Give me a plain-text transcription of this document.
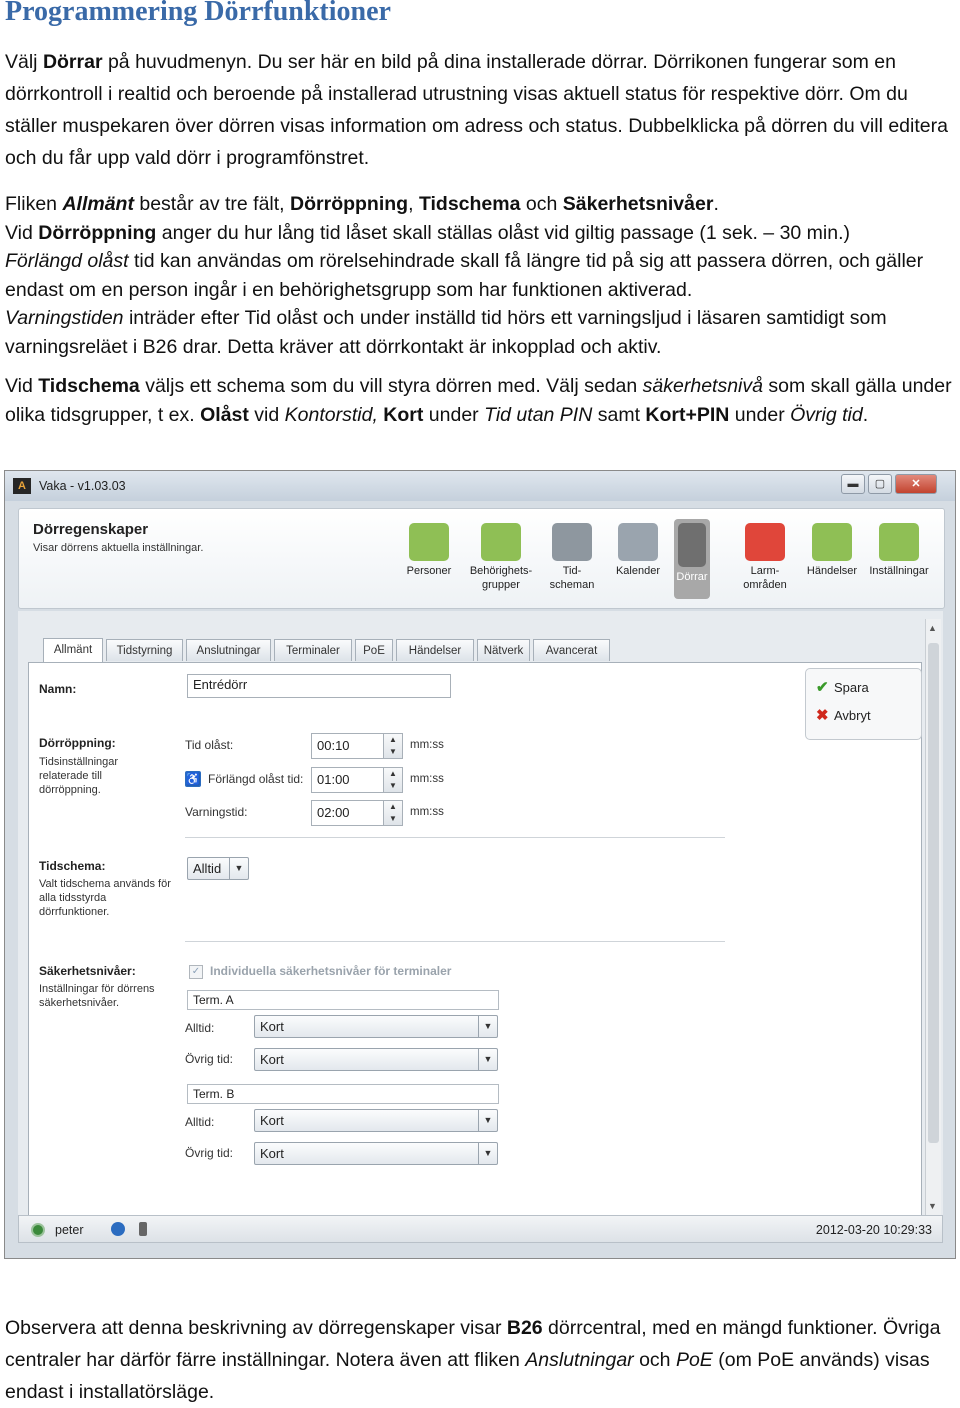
Programmering Dörrfunktioner

Välj Dörrar på huvudmenyn. Du ser här en bild på dina installerade dörrar. Dörrikonen fungerar som en dörrkontroll i realtid och beroende på installerad utrustning visas aktuell status för respektive dörr. Om du ställer muspekaren över dörren visas information om adress och status. Dubbelklicka på dörren du vill editera och du får upp vald dörr i programfönstret.

Fliken Allmänt består av tre fält, Dörröppning, Tidschema och Säkerhetsnivåer.
Vid Dörröppning anger du hur lång tid låset skall ställas olåst vid giltig passage (1 sek. – 30 min.)
Förlängd olåst tid kan användas om rörelsehindrade skall få längre tid på sig att passera dörren, och gäller endast om en person ingår i en behörighetsgrupp som har funktionen aktiverad.
Varningstiden inträder efter Tid olåst och under inställd tid hörs ett varningsljud i läsaren samtidigt som varningsreläet i B26 drar. Detta kräver att dörrkontakt är inkopplad och aktiv.

Vid Tidschema väljs ett schema som du vill styra dörren med. Välj sedan säkerhetsnivå som skall gälla under olika tidsgrupper, t ex. Olåst vid Kontorstid, Kort under Tid utan PIN samt Kort+PIN under Övrig tid.

A	Vaka - v1.03.03	▬	▢	✕
Dörregenskaper
Visar dörrens aktuella inställningar.
Personer	Behörighets-
grupper
Tid-
scheman
Kalender	Dörrar	Larm-
områden
Händelser	Inställningar
Allmänt	Tidstyrning	Anslutningar	Terminaler	PoE	Händelser	Nätverk	Avancerat
Namn:	Entrédörr
Dörröppning:
Tidsinställningar relaterade till dörröppning.
Tid olåst:	00:10	▲
▼
mm:ss
♿ Förlängd olåst tid:	01:00	▲
▼
mm:ss
Varningstid:	02:00	▲
▼
mm:ss
Tidschema:
Valt tidschema används för alla tidsstyrda dörrfunktioner.
Alltid	▼
Säkerhetsnivåer:
Inställningar för dörrens säkerhetsnivåer.
✓ Individuella säkerhetsnivåer för terminaler
Term. A
Alltid:	Kort	▼
Övrig tid:	Kort	▼
Term. B
Alltid:	Kort	▼
Övrig tid:	Kort	▼
✔ Spara
✖ Avbryt
▲
▼
peter	2012-03-20 10:29:33

Observera att denna beskrivning av dörregenskaper visar B26 dörrcentral, med en mängd funktioner. Övriga centraler har därför färre inställningar. Notera även att fliken Anslutningar och PoE (om PoE används) visas endast i installatörsläge.
